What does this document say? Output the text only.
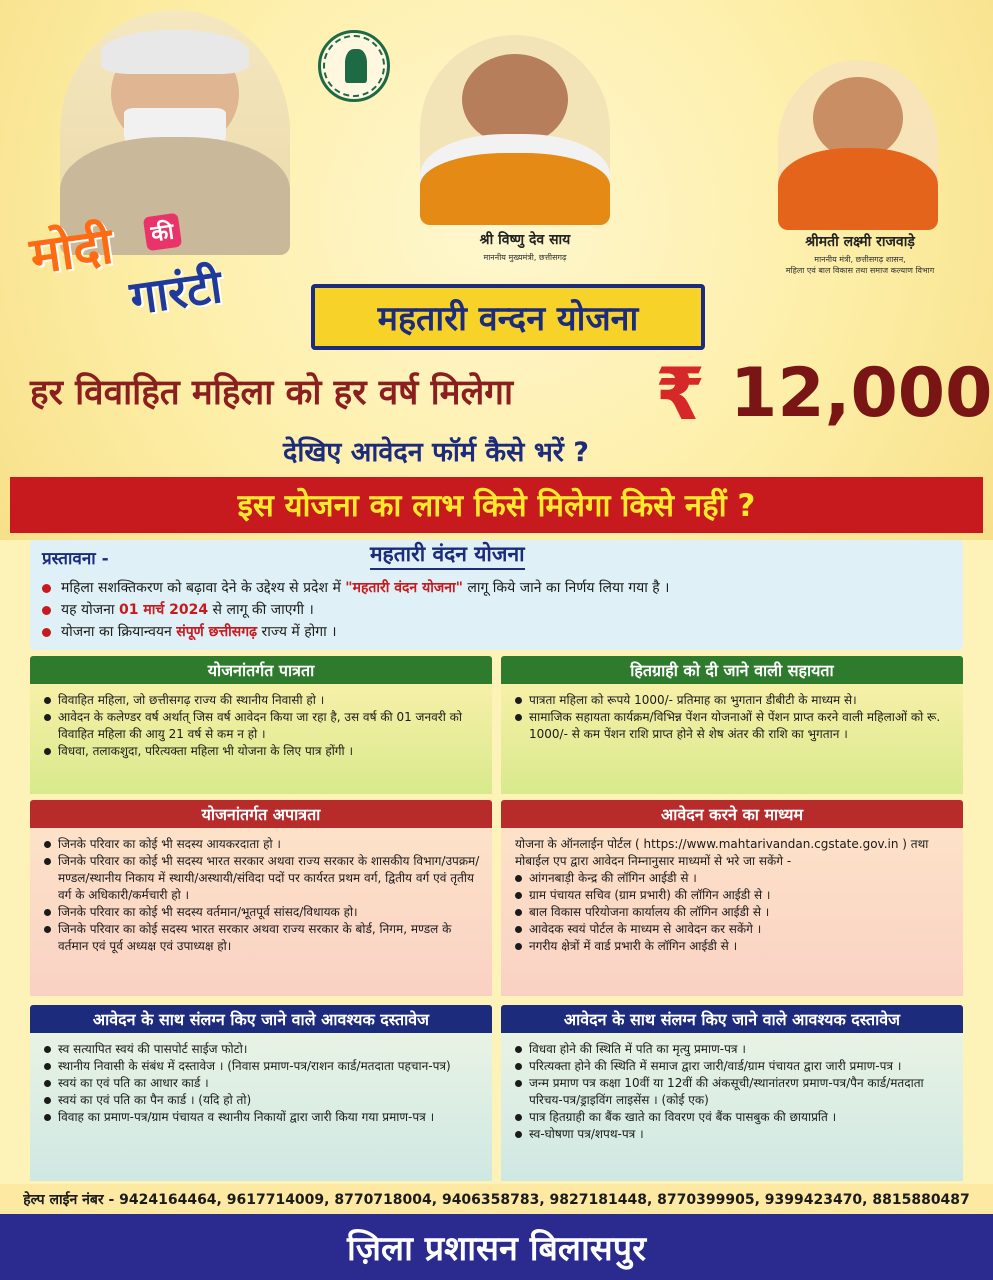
श्री विष्णु देव साय
माननीय मुख्यमंत्री, छत्तीसगढ़
श्रीमती लक्ष्मी राजवाड़े
माननीय मंत्री, छत्तीसगढ़ शासन,
महिला एवं बाल विकास तथा समाज कल्याण विभाग
मोदी	की
गारंटी	महतारी वन्दन योजना
हर विवाहित महिला को हर वर्ष मिलेगा ₹ 12,000
देखिए आवेदन फॉर्म कैसे भरें ?
इस योजना का लाभ किसे मिलेगा किसे नहीं ?
प्रस्तावना -	महतारी वंदन योजना
महिला सशक्तिकरण को बढ़ावा देने के उद्देश्य से प्रदेश में "महतारी वंदन योजना" लागू किये जाने का निर्णय लिया गया है ।
यह योजना 01 मार्च 2024 से लागू की जाएगी ।
योजना का क्रियान्वयन संपूर्ण छत्तीसगढ़ राज्य में होगा ।
योजनांतर्गत पात्रता
विवाहित महिला, जो छत्तीसगढ़ राज्य की स्थानीय निवासी हो ।
आवेदन के कलेण्डर वर्ष अर्थात् जिस वर्ष आवेदन किया जा रहा है, उस वर्ष की 01 जनवरी को विवाहित महिला की आयु 21 वर्ष से कम न हो ।
विधवा, तलाकशुदा, परित्यक्ता महिला भी योजना के लिए पात्र होंगी ।
हितग्राही को दी जाने वाली सहायता
पात्रता महिला को रूपये 1000/- प्रतिमाह का भुगतान डीबीटी के माध्यम से।
सामाजिक सहायता कार्यक्रम/विभिन्न पेंशन योजनाओं से पेंशन प्राप्त करने वाली महिलाओं को रू. 1000/- से कम पेंशन राशि प्राप्त होने से शेष अंतर की राशि का भुगतान ।
योजनांतर्गत अपात्रता
जिनके परिवार का कोई भी सदस्य आयकरदाता हो ।
जिनके परिवार का कोई भी सदस्य भारत सरकार अथवा राज्य सरकार के शासकीय विभाग/उपक्रम/मण्डल/स्थानीय निकाय में स्थायी/अस्थायी/संविदा पदों पर कार्यरत प्रथम वर्ग, द्वितीय वर्ग एवं तृतीय वर्ग के अधिकारी/कर्मचारी हो ।
जिनके परिवार का कोई भी सदस्य वर्तमान/भूतपूर्व सांसद/विधायक हो।
जिनके परिवार का कोई सदस्य भारत सरकार अथवा राज्य सरकार के बोर्ड, निगम, मण्डल के वर्तमान एवं पूर्व अध्यक्ष एवं उपाध्यक्ष हो।
आवेदन करने का माध्यम
योजना के ऑनलाईन पोर्टल ( https://www.mahtarivandan.cgstate.gov.in ) तथा मोबाईल एप द्वारा आवेदन निम्नानुसार माध्यमों से भरे जा सकेंगे -
आंगनबाड़ी केन्द्र की लॉगिन आईडी से ।
ग्राम पंचायत सचिव (ग्राम प्रभारी) की लॉगिन आईडी से ।
बाल विकास परियोजना कार्यालय की लॉगिन आईडी से ।
आवेदक स्वयं पोर्टल के माध्यम से आवेदन कर सकेंगे ।
नगरीय क्षेत्रों में वार्ड प्रभारी के लॉगिन आईडी से ।
आवेदन के साथ संलग्न किए जाने वाले आवश्यक दस्तावेज
स्व सत्यापित स्वयं की पासपोर्ट साईज फोटो।
स्थानीय निवासी के संबंध में दस्तावेज । (निवास प्रमाण-पत्र/राशन कार्ड/मतदाता पहचान-पत्र)
स्वयं का एवं पति का आधार कार्ड ।
स्वयं का एवं पति का पैन कार्ड । (यदि हो तो)
विवाह का प्रमाण-पत्र/ग्राम पंचायत व स्थानीय निकायों द्वारा जारी किया गया प्रमाण-पत्र ।
आवेदन के साथ संलग्न किए जाने वाले आवश्यक दस्तावेज
विधवा होने की स्थिति में पति का मृत्यु प्रमाण-पत्र ।
परित्यक्ता होने की स्थिति में समाज द्वारा जारी/वार्ड/ग्राम पंचायत द्वारा जारी प्रमाण-पत्र ।
जन्म प्रमाण पत्र कक्षा 10वीं या 12वीं की अंकसूची/स्थानांतरण प्रमाण-पत्र/पैन कार्ड/मतदाता परिचय-पत्र/ड्राइविंग लाइसेंस । (कोई एक)
पात्र हितग्राही का बैंक खाते का विवरण एवं बैंक पासबुक की छायाप्रति ।
स्व-घोषणा पत्र/शपथ-पत्र ।
हेल्प लाईन नंबर - 9424164464, 9617714009, 8770718004, 9406358783, 9827181448, 8770399905, 9399423470, 8815880487
ज़िला प्रशासन बिलासपुर
